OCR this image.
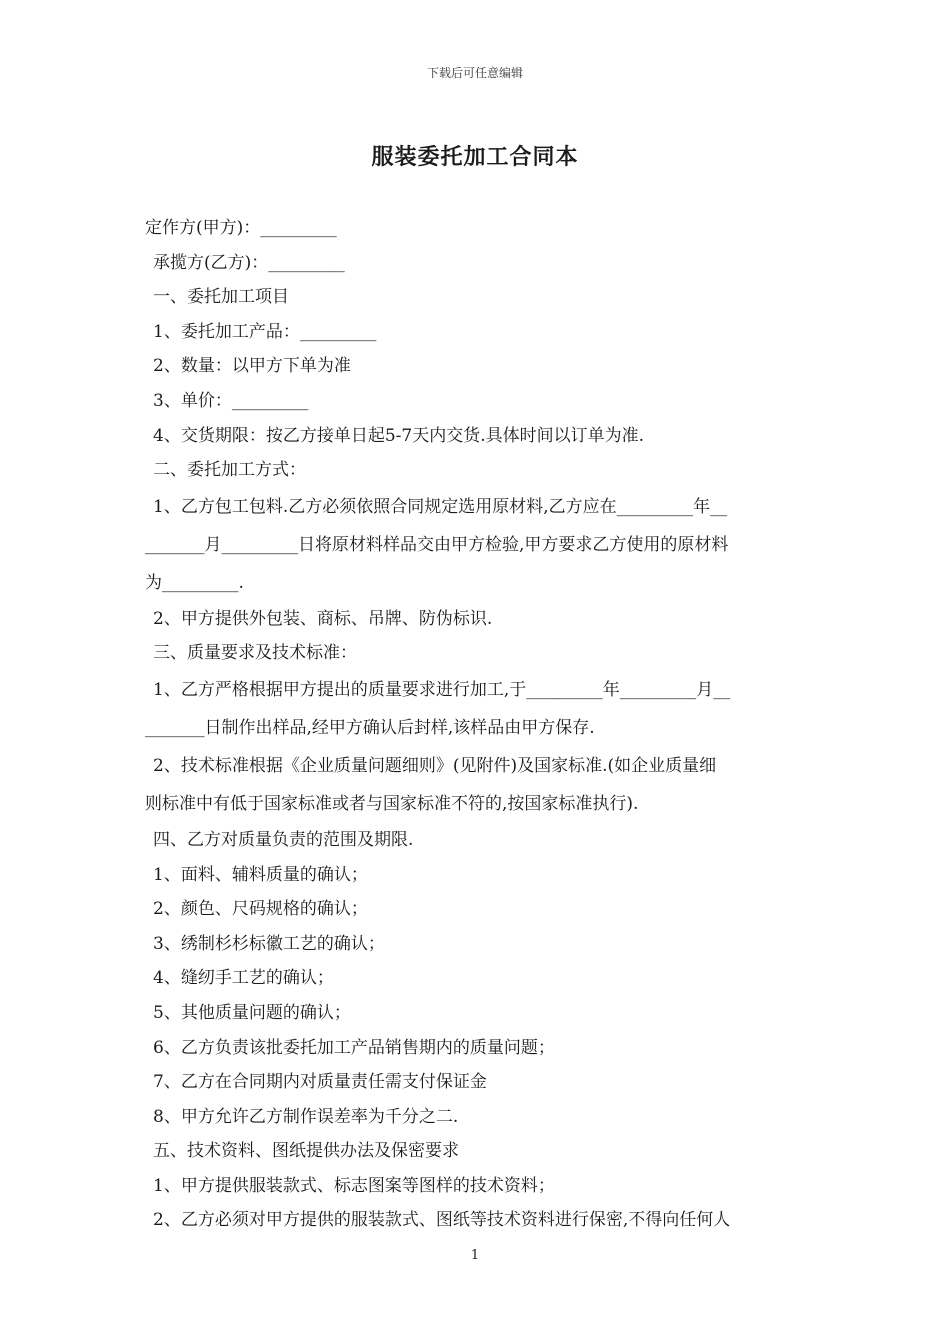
下载后可任意编辑
服装委托加工合同本
定作方(甲方)：_________
承揽方(乙方)：_________
一、委托加工项目
1、委托加工产品：_________
2、数量：以甲方下单为准
3、单价：_________
4、交货期限：按乙方接单日起5-7天内交货.具体时间以订单为准.
二、委托加工方式：
1、乙方包工包料.乙方必须依照合同规定选用原材料,乙方应在_________年__
_______月_________日将原材料样品交由甲方检验,甲方要求乙方使用的原材料
为_________.
2、甲方提供外包装、商标、吊牌、防伪标识.
三、质量要求及技术标准：
1、乙方严格根据甲方提出的质量要求进行加工,于_________年_________月__
_______日制作出样品,经甲方确认后封样,该样品由甲方保存.
2、技术标准根据《企业质量问题细则》(见附件)及国家标准.(如企业质量细
则标准中有低于国家标准或者与国家标准不符的,按国家标准执行).
四、乙方对质量负责的范围及期限.
1、面料、辅料质量的确认；
2、颜色、尺码规格的确认；
3、绣制杉杉标徽工艺的确认；
4、缝纫手工艺的确认；
5、其他质量问题的确认；
6、乙方负责该批委托加工产品销售期内的质量问题；
7、乙方在合同期内对质量责任需支付保证金
8、甲方允许乙方制作误差率为千分之二.
五、技术资料、图纸提供办法及保密要求
1、甲方提供服装款式、标志图案等图样的技术资料；
2、乙方必须对甲方提供的服装款式、图纸等技术资料进行保密,不得向任何人
1
